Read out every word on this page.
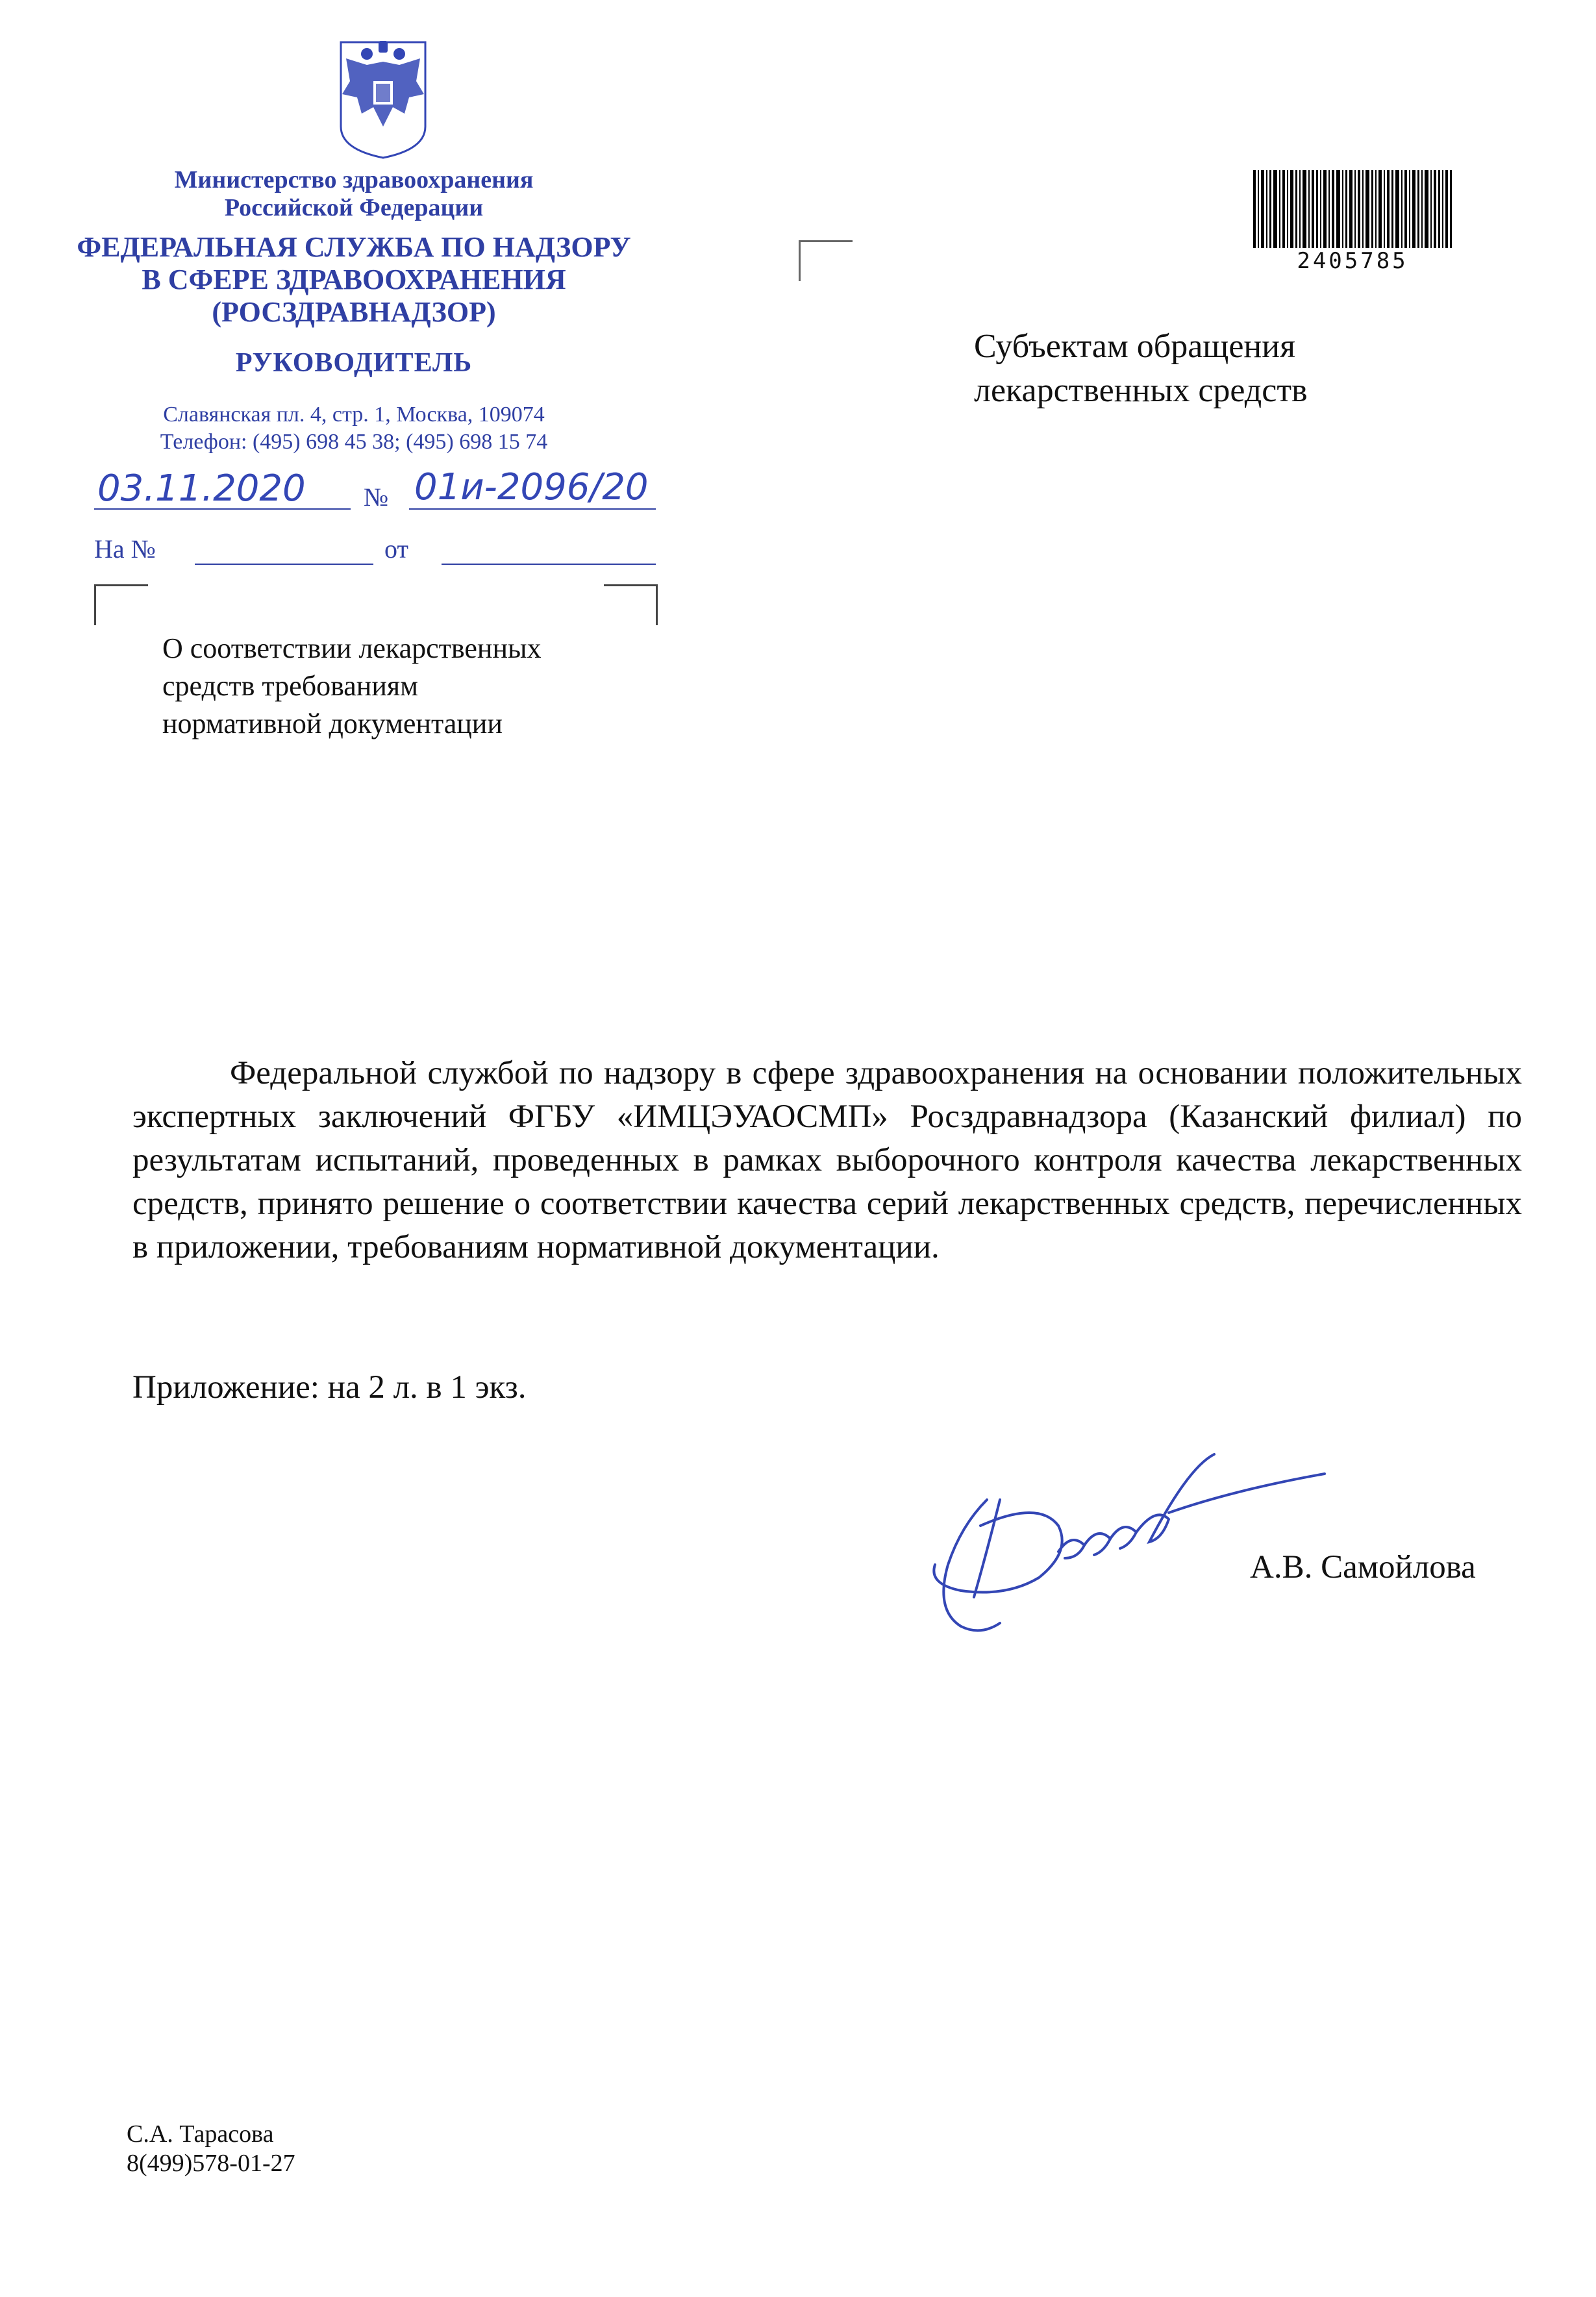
Министерство здравоохранения
Российской Федерации
ФЕДЕРАЛЬНАЯ СЛУЖБА ПО НАДЗОРУ
В СФЕРЕ ЗДРАВООХРАНЕНИЯ
(РОСЗДРАВНАДЗОР)
РУКОВОДИТЕЛЬ
Славянская пл. 4, стр. 1, Москва, 109074
Телефон: (495) 698 45 38; (495) 698 15 74
03.11.2020 № 01и-2096/20
На №	от
2405785
Субъектам обращения
лекарственных средств
О соответствии лекарственных
средств требованиям
нормативной документации
Федеральной службой по надзору в сфере здравоохранения на основании положительных экспертных заключений ФГБУ «ИМЦЭУАОСМП» Росздравнадзора (Казанский филиал) по результатам испытаний, проведенных в рамках выборочного контроля качества лекарственных средств, принято решение о соответствии качества серий лекарственных средств, перечисленных в приложении, требованиям нормативной документации.
Приложение: на 2 л. в 1 экз.
А.В. Самойлова
С.А. Тарасова
8(499)578-01-27
